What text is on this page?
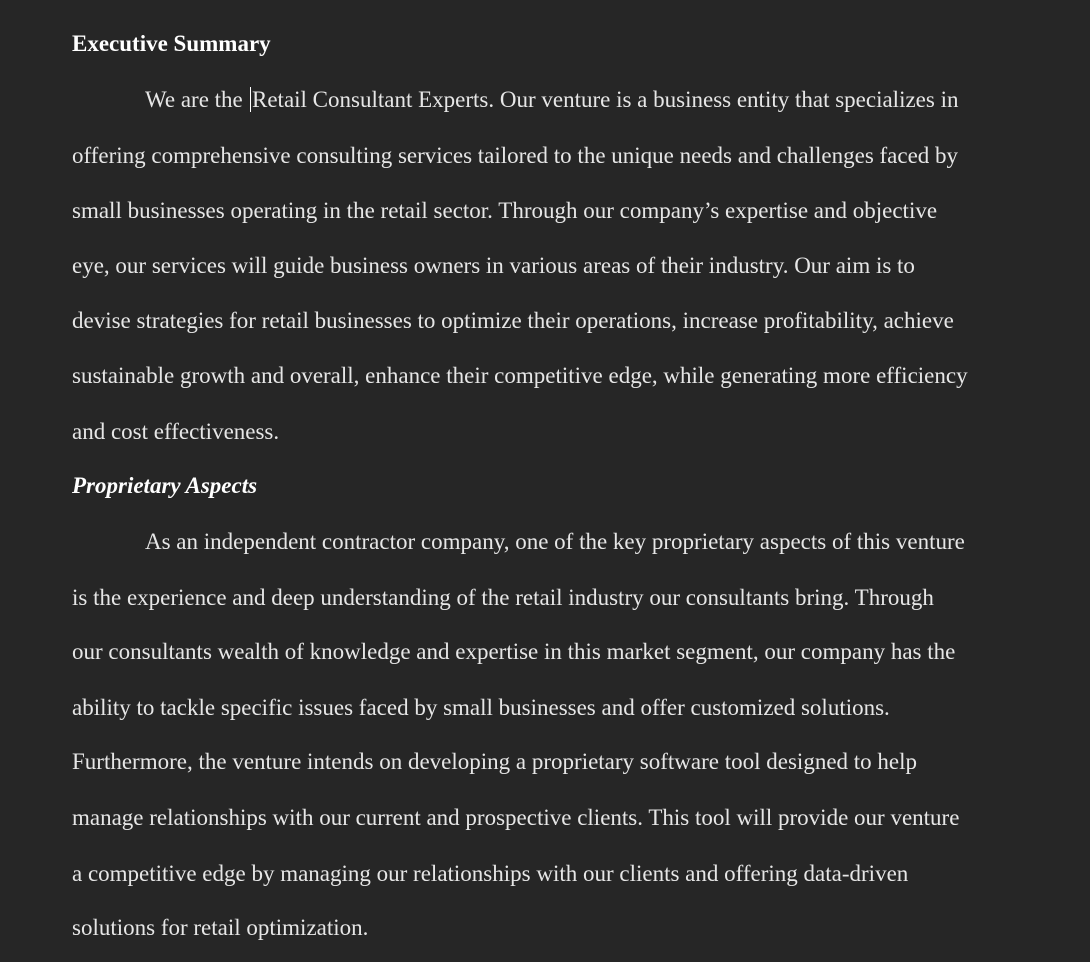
Executive Summary
We are the Retail Consultant Experts. Our venture is a business entity that specializes in
offering comprehensive consulting services tailored to the unique needs and challenges faced by
small businesses operating in the retail sector. Through our company’s expertise and objective
eye, our services will guide business owners in various areas of their industry. Our aim is to
devise strategies for retail businesses to optimize their operations, increase profitability, achieve
sustainable growth and overall, enhance their competitive edge, while generating more efficiency
and cost effectiveness.
Proprietary Aspects
As an independent contractor company, one of the key proprietary aspects of this venture
is the experience and deep understanding of the retail industry our consultants bring. Through
our consultants wealth of knowledge and expertise in this market segment, our company has the
ability to tackle specific issues faced by small businesses and offer customized solutions.
Furthermore, the venture intends on developing a proprietary software tool designed to help
manage relationships with our current and prospective clients. This tool will provide our venture
a competitive edge by managing our relationships with our clients and offering data-driven
solutions for retail optimization.
